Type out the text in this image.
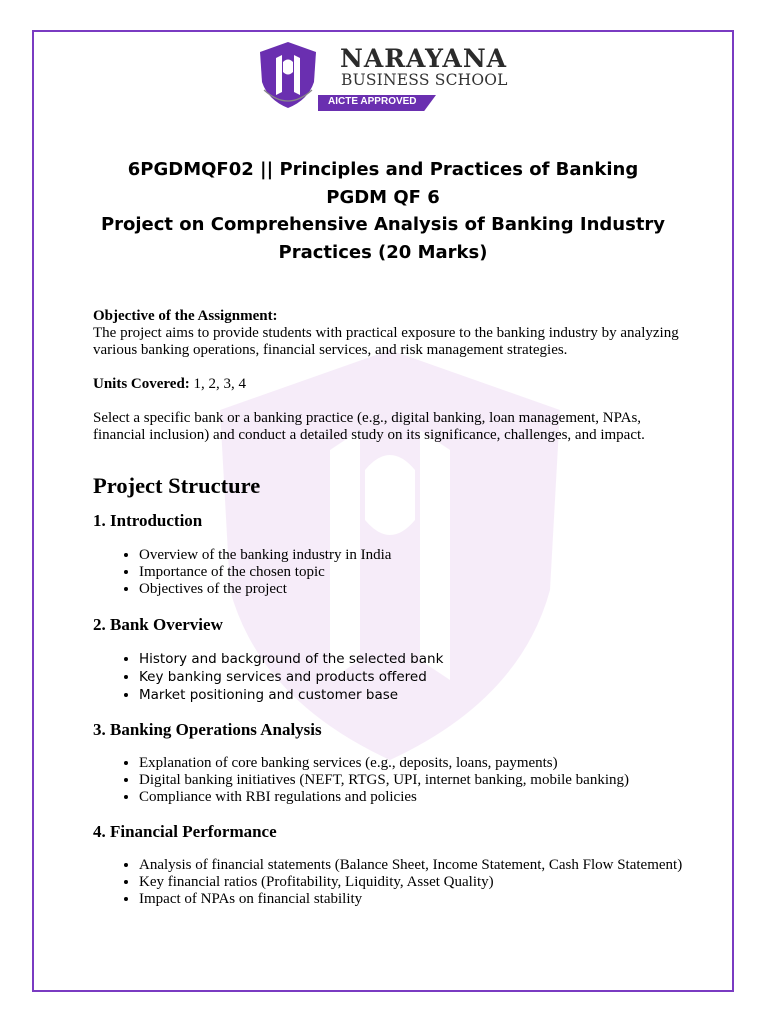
NARAYANA
BUSINESS SCHOOL
AICTE APPROVED
6PGDMQF02 || Principles and Practices of Banking
PGDM QF 6
Project on Comprehensive Analysis of Banking Industry
Practices (20 Marks)

Objective of the Assignment:

The project aims to provide students with practical exposure to the banking industry by analyzing various banking operations, financial services, and risk management strategies.

Units Covered: 1, 2, 3, 4

Select a specific bank or a banking practice (e.g., digital banking, loan management, NPAs, financial inclusion) and conduct a detailed study on its significance, challenges, and impact.

Project Structure

1. Introduction

• Overview of the banking industry in India
• Importance of the chosen topic
• Objectives of the project

2. Bank Overview

• History and background of the selected bank
• Key banking services and products offered
• Market positioning and customer base

3. Banking Operations Analysis

• Explanation of core banking services (e.g., deposits, loans, payments)
• Digital banking initiatives (NEFT, RTGS, UPI, internet banking, mobile banking)
• Compliance with RBI regulations and policies

4. Financial Performance

• Analysis of financial statements (Balance Sheet, Income Statement, Cash Flow Statement)
• Key financial ratios (Profitability, Liquidity, Asset Quality)
• Impact of NPAs on financial stability
